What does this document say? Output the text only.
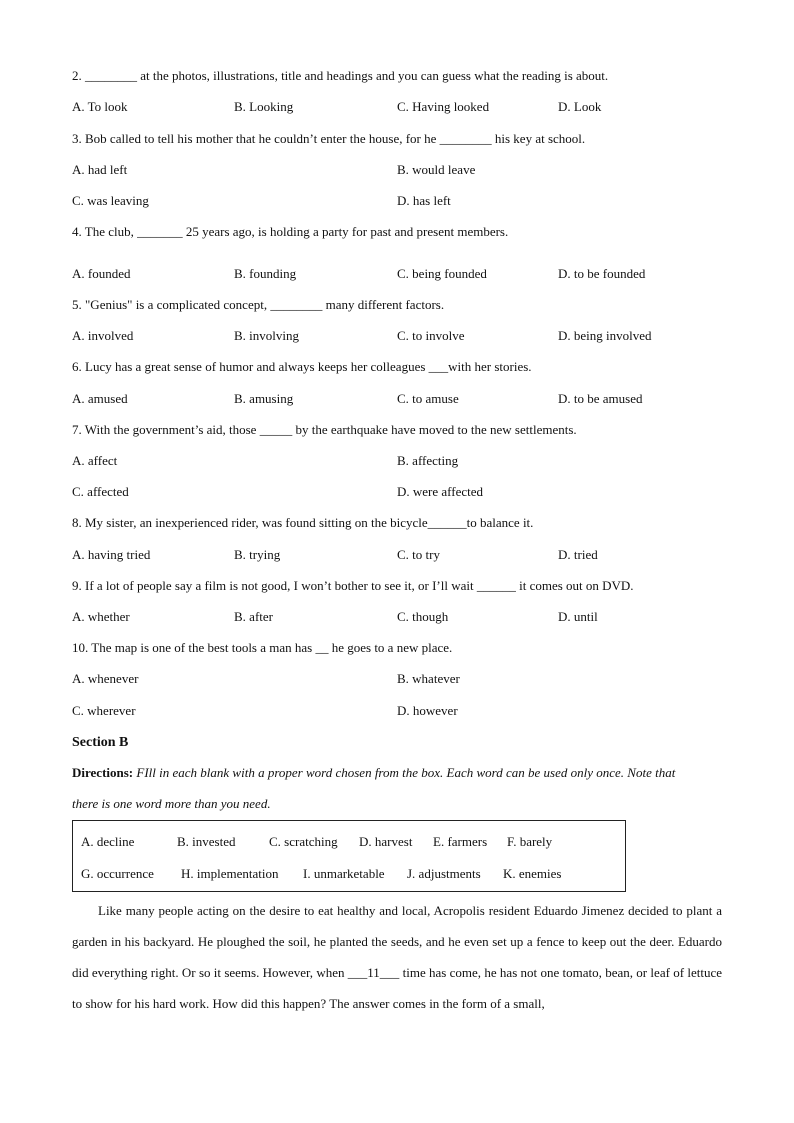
2. ________ at the photos, illustrations, title and headings and you can guess what the reading is about.
A. To look	B. Looking	C. Having looked	D. Look
3. Bob called to tell his mother that he couldn’t enter the house, for he ________ his key at school.
A. had left	B. would leave
C. was leaving	D. has left
4. The club, _______ 25 years ago, is holding a party for past and present members.
A. founded	B. founding	C. being founded	D. to be founded
5. "Genius" is a complicated concept, ________ many different factors.
A. involved	B. involving	C. to involve	D. being involved
6. Lucy has a great sense of humor and always keeps her colleagues ___with her stories.
A. amused	B. amusing	C. to amuse	D. to be amused
7. With the government’s aid, those _____ by the earthquake have moved to the new settlements.
A. affect	B. affecting
C. affected	D. were affected
8. My sister, an inexperienced rider, was found sitting on the bicycle______to balance it.
A. having tried	B. trying	C. to try	D. tried
9. If a lot of people say a film is not good, I won’t bother to see it, or I’ll wait ______ it comes out on DVD.
A. whether	B. after	C. though	D. until
10. The map is one of the best tools a man has __ he goes to a new place.
A. whenever	B. whatever
C. wherever	D. however
Section B
Directions: FIll in each blank with a proper word chosen from the box. Each word can be used only once. Note that
there is one word more than you need.
A. decline	B. invested	C. scratching D. harvest E. farmers F. barely
G. occurrence H. implementation I. unmarketable J. adjustments K. enemies
Like many people acting on the desire to eat healthy and local, Acropolis resident Eduardo Jimenez decided to plant a garden in his backyard. He ploughed the soil, he planted the seeds, and he even set up a fence to keep out the deer. Eduardo did everything right. Or so it seems. However, when ___11___ time has come, he has not one tomato, bean, or leaf of lettuce to show for his hard work. How did this happen? The answer comes in the form of a small,
